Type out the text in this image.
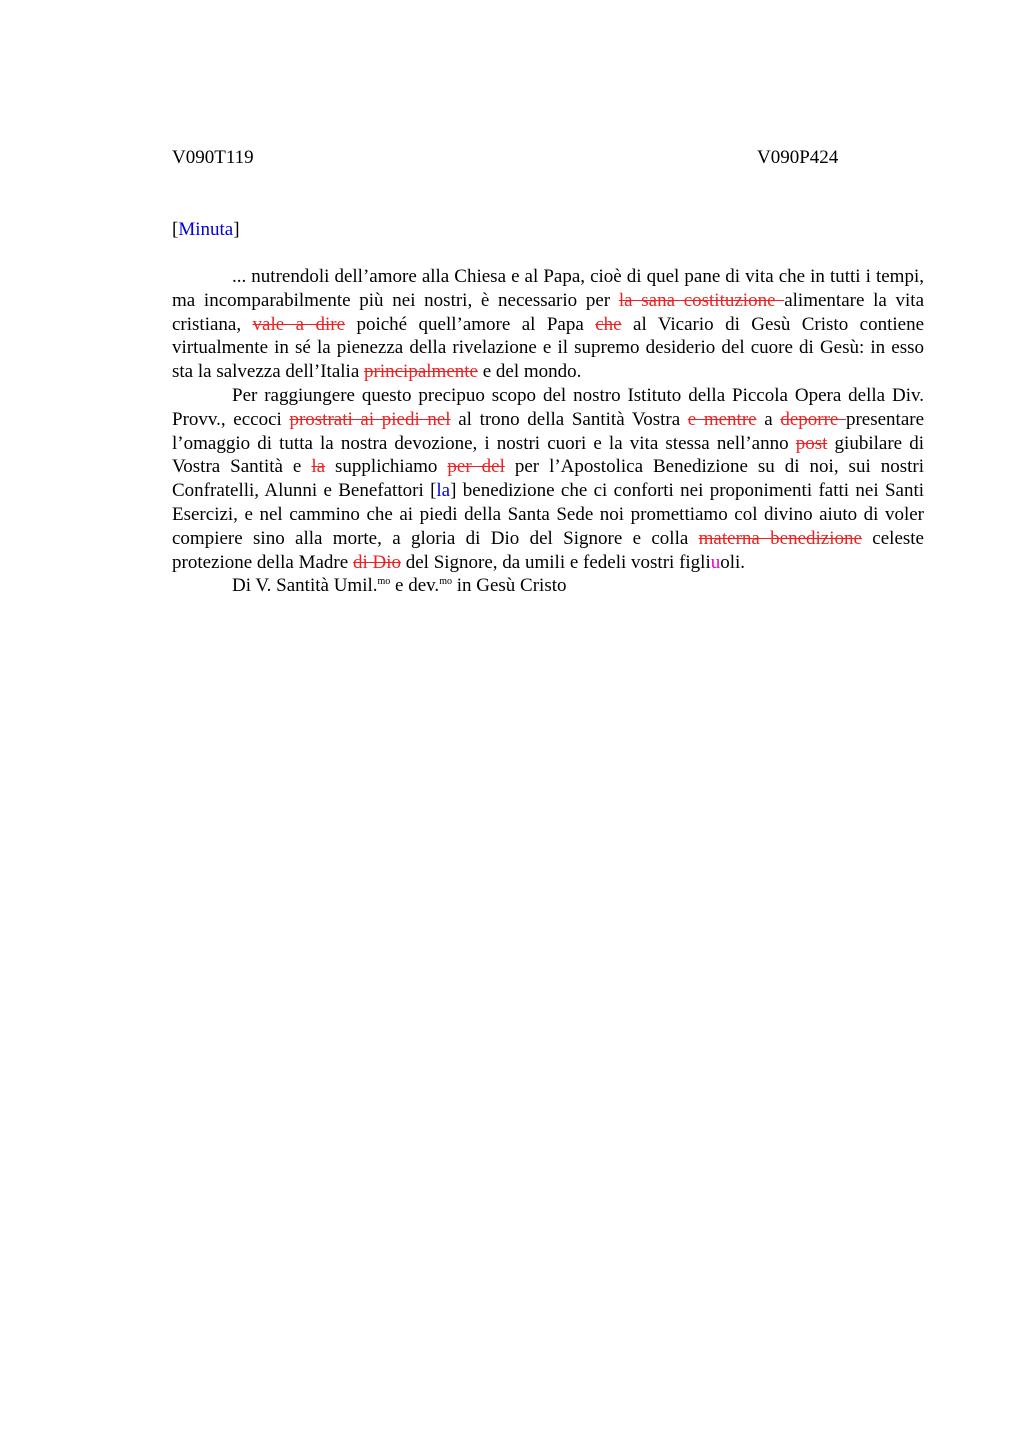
V090T119	V090P424
[Minuta]

... nutrendoli dell’amore alla Chiesa e al Papa, cioè di quel pane di vita che in tutti i tempi, ma incomparabilmente più nei nostri, è necessario per la sana costituzione alimentare la vita cristiana, vale a dire poiché quell’amore al Papa che al Vicario di Gesù Cristo contiene virtualmente in sé la pienezza della rivelazione e il supremo desiderio del cuore di Gesù: in esso sta la salvezza dell’Italia principalmente e del mondo.

Per raggiungere questo precipuo scopo del nostro Istituto della Piccola Opera della Div. Provv., eccoci prostrati ai piedi nel al trono della Santità Vostra e mentre a deporre presentare l’omaggio di tutta la nostra devozione, i nostri cuori e la vita stessa nell’anno post giubilare di Vostra Santità e la supplichiamo per del per l’Apostolica Benedizione su di noi, sui nostri Confratelli, Alunni e Benefattori [la] benedizione che ci conforti nei proponimenti fatti nei Santi Esercizi, e nel cammino che ai piedi della Santa Sede noi promettiamo col divino aiuto di voler compiere sino alla morte, a gloria di Dio del Signore e colla materna benedizione celeste protezione della Madre di Dio del Signore, da umili e fedeli vostri figliuoli.

Di V. Santità Umil.$^{mo}$ e dev.$^{mo}$ in Gesù Cristo
